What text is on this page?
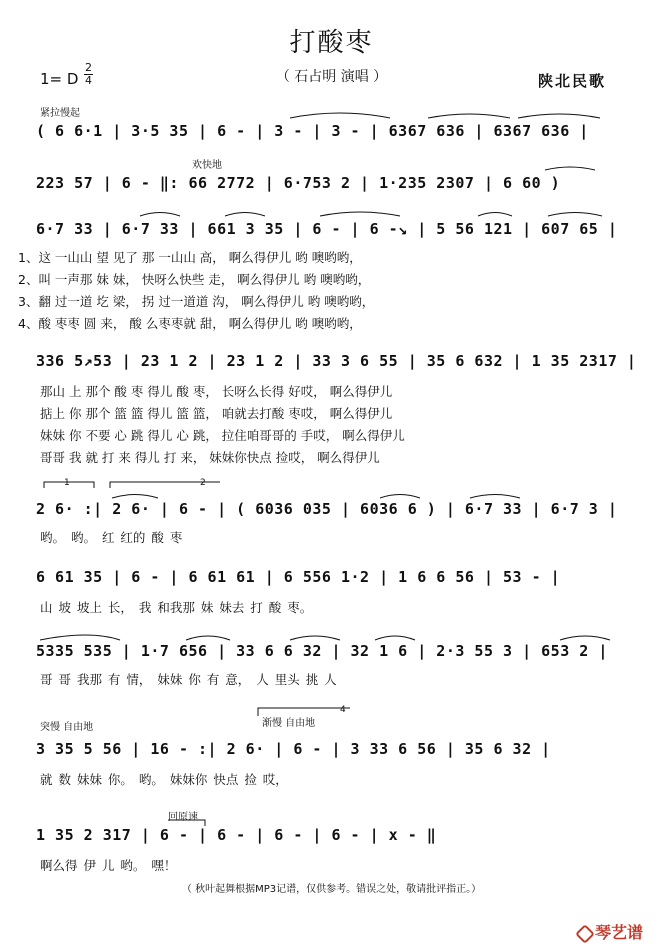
打酸枣
（ 石占明 演唱 ）
1= D
2
4	陕北民歌
紧拉慢起
欢快地
突慢 自由地	渐慢 自由地
回原速
1	2
4
( 6 6·1 | 3·5 35 | 6 - | 3 - | 3 - | 6367 636 | 6367 636 |
223 57 | 6 - ‖: 66 2772 | 6·753 2 | 1·235 2307 | 6 60 )
6·7 33 | 6·7 33 | 661 3 35 | 6 - | 6 -↘ | 5 56 121 | 607 65 |
336 5↗53 | 23 1 2 | 23 1 2 | 33 3 6 55 | 35 6 632 | 1 35 2317 |
2 6· :| 2 6· | 6 - | ( 6036 035 | 6036 6 ) | 6·7 33 | 6·7 3 |
6 61 35 | 6 - | 6 61 61 | 6 556 1·2 | 1 6 6 56 | 53 - |
5335 535 | 1·7 656 | 33 6 6 32 | 32 1 6 | 2·3 55 3 | 653 2 |
3 35 5 56 | 16 - :| 2 6· | 6 - | 3 33 6 56 | 35 6 32 |
1 35 2 317 | 6 - | 6 - | 6 - | 6 - | x - ‖
1、这 一山山 望 见了 那 一山山 高， 啊么得伊儿 哟 噢哟哟，
2、叫 一声那 妹 妹， 快呀么快些 走， 啊么得伊儿 哟 噢哟哟，
3、翻 过一道 圪 梁， 拐 过一道道 沟， 啊么得伊儿 哟 噢哟哟，
4、酸 枣枣 圆 来， 酸 么枣枣就 甜， 啊么得伊儿 哟 噢哟哟，
那山 上 那个 酸 枣 得儿 酸 枣， 长呀么长得 好哎， 啊么得伊儿
掂上 你 那个 篮 篮 得儿 篮 篮， 咱就去打酸 枣哎， 啊么得伊儿
妹妹 你 不要 心 跳 得儿 心 跳， 拉住咱哥哥的 手哎， 啊么得伊儿
哥哥 我 就 打 来 得儿 打 来， 妹妹你快点 捡哎， 啊么得伊儿
哟。 哟。 红 红的 酸 枣
山 坡 坡上 长， 我 和我那 妹 妹去 打 酸 枣。
哥 哥 我那 有 情， 妹妹 你 有 意， 人 里头 挑 人
就 数 妹妹 你。 哟。 妹妹你 快点 捡 哎，
啊么得 伊 儿 哟。 嘿！
（ 秋叶起舞根据MP3记谱，仅供参考。错误之处，敬请批评指正。）
琴艺谱
